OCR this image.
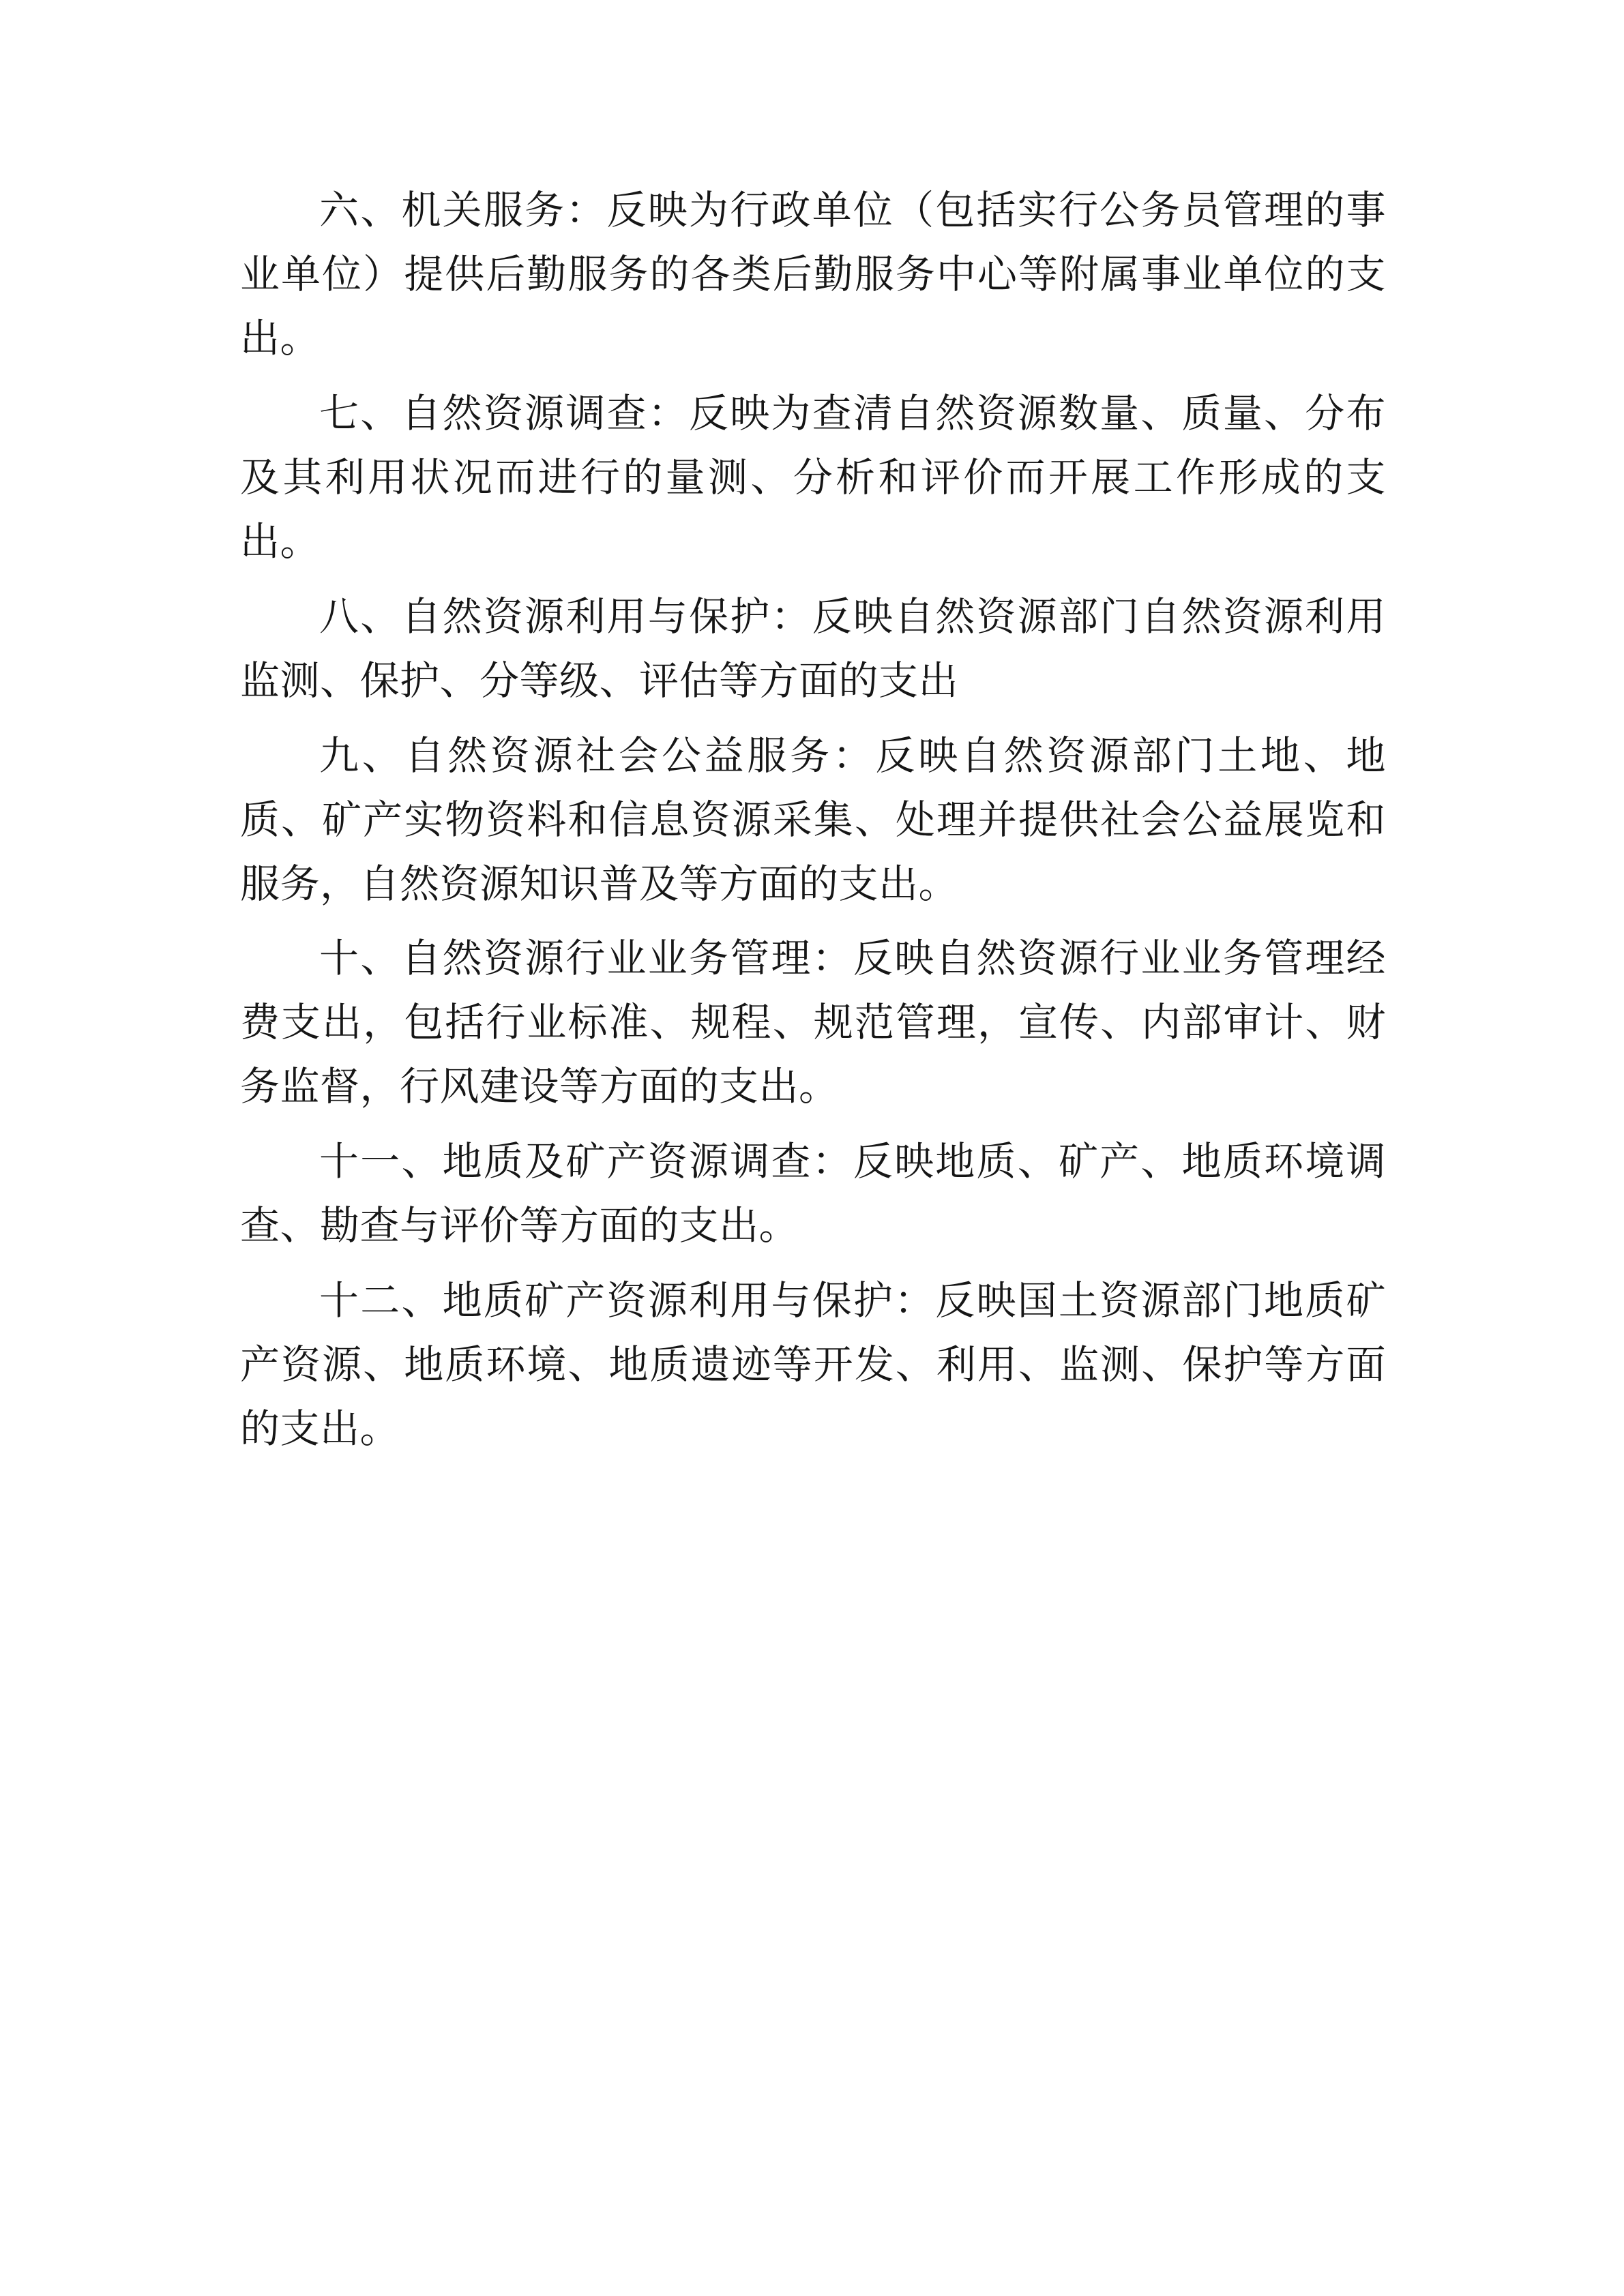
六、机关服务：反映为行政单位（包括实行公务员管理的事业单位）提供后勤服务的各类后勤服务中心等附属事业单位的支出。

七、自然资源调查：反映为查清自然资源数量、质量、分布及其利用状况而进行的量测、分析和评价而开展工作形成的支出。

八、自然资源利用与保护：反映自然资源部门自然资源利用监测、保护、分等级、评估等方面的支出

九、自然资源社会公益服务：反映自然资源部门土地、地质、矿产实物资料和信息资源采集、处理并提供社会公益展览和服务，自然资源知识普及等方面的支出。

十、自然资源行业业务管理：反映自然资源行业业务管理经费支出，包括行业标准、规程、规范管理，宣传、内部审计、财务监督，行风建设等方面的支出。

十一、地质及矿产资源调查：反映地质、矿产、地质环境调查、勘查与评价等方面的支出。

十二、地质矿产资源利用与保护：反映国土资源部门地质矿产资源、地质环境、地质遗迹等开发、利用、监测、保护等方面的支出。
